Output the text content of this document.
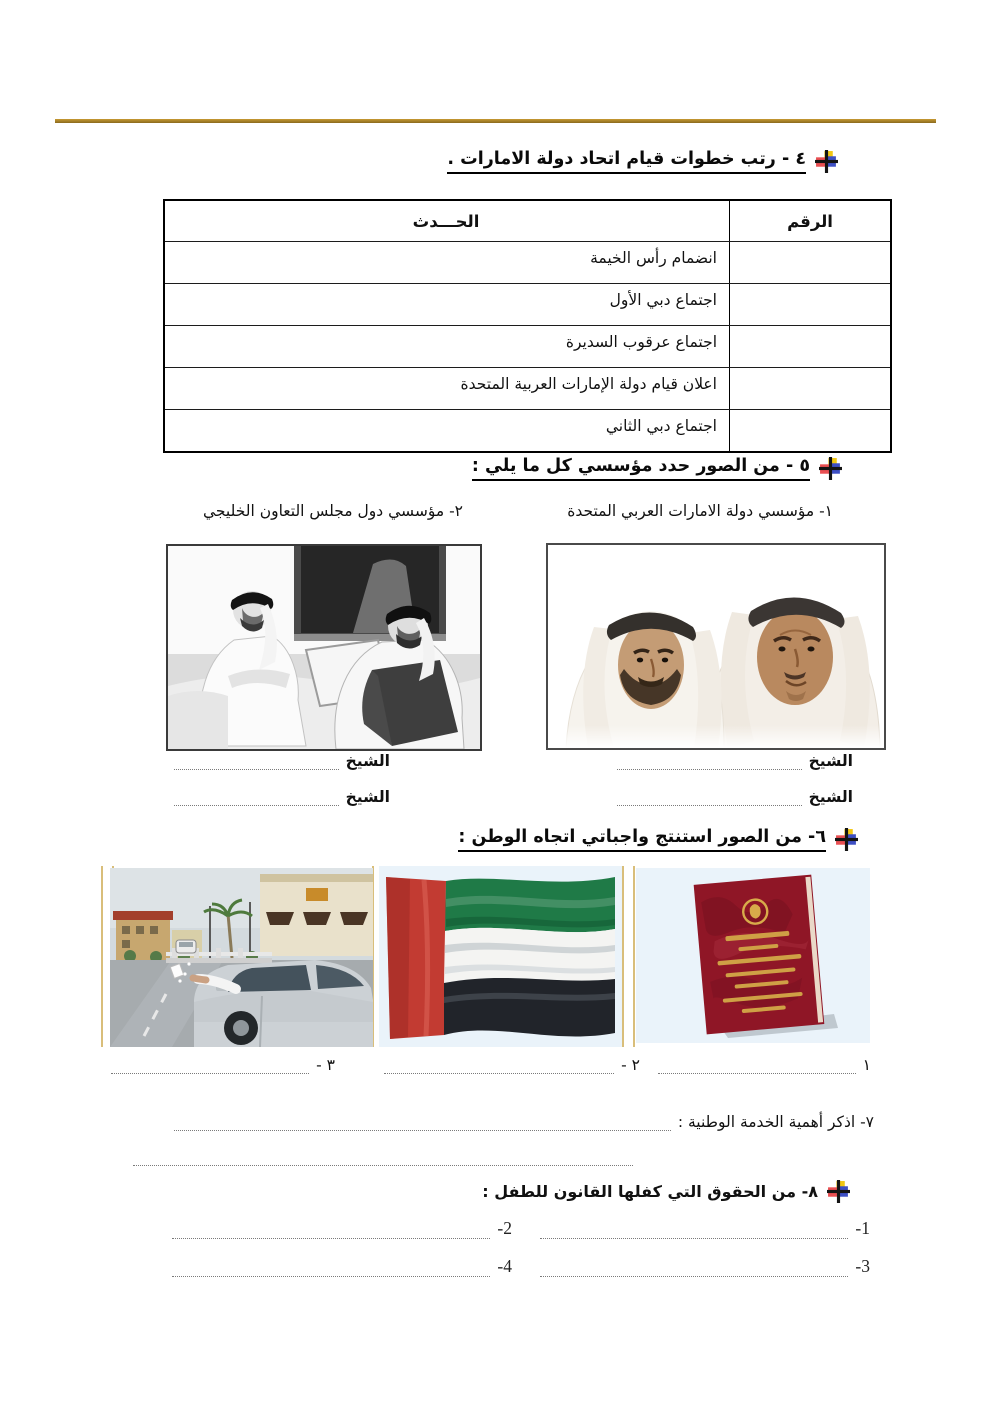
٤ - رتب خطوات قيام اتحاد دولة الامارات .
الرقم
الحـــدث
انضمام رأس الخيمة
اجتماع دبي الأول
اجتماع عرقوب السديرة
اعلان قيام دولة الإمارات العربية المتحدة
اجتماع دبي الثاني
٥ - من الصور حدد مؤسسي كل ما يلي :
١- مؤسسي دولة الامارات العربي المتحدة
٢- مؤسسي دول مجلس التعاون الخليجي
الشيخ
الشيخ
الشيخ
الشيخ
٦- من الصور استنتج واجباتي اتجاه الوطن :
١
٢ -
٣ -
٧- اذكر أهمية الخدمة الوطنية :
٨- من الحقوق التي كفلها القانون للطفل :
-1
-2
-3
-4
